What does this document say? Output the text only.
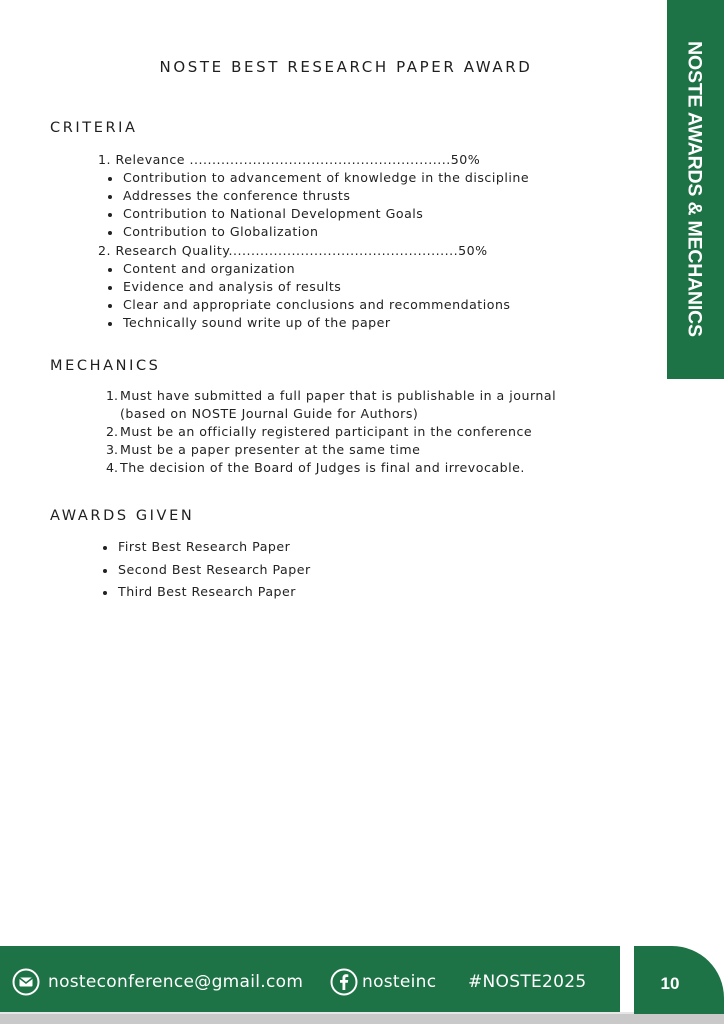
NOSTE AWARDS & MECHANICS
NOSTE BEST RESEARCH PAPER AWARD
CRITERIA
1. Relevance ..........................................................50%
Contribution to advancement of knowledge in the discipline
Addresses the conference thrusts
Contribution to National Development Goals
Contribution to Globalization
2. Research Quality...................................................50%
Content and organization
Evidence and analysis of results
Clear and appropriate conclusions and recommendations
Technically sound write up of the paper
MECHANICS
1. Must have submitted a full paper that is publishable in a journal
(based on NOSTE Journal Guide for Authors)
2. Must be an officially registered participant in the conference
3. Must be a paper presenter at the same time
4. The decision of the Board of Judges is final and irrevocable.
AWARDS GIVEN
First Best Research Paper
Second Best Research Paper
Third Best Research Paper
10
nosteconference@gmail.com	nosteinc #NOSTE2025
